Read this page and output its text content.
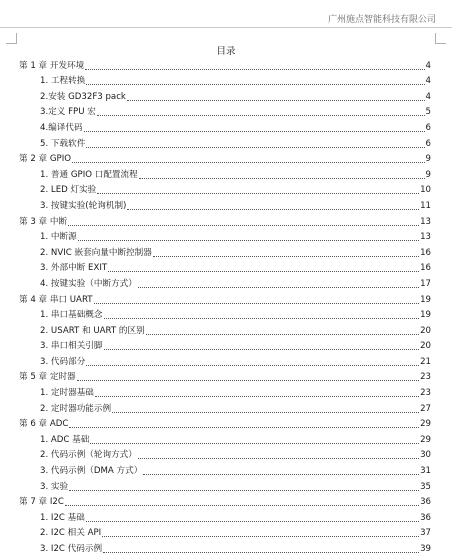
广州施点智能科技有限公司
目录
第 1 章 开发环境	4
1. 工程转换	4
2.安装 GD32F3 pack	4
3.定义 FPU 宏	5
4.编译代码	6
5. 下载软件	6
第 2 章 GPIO	9
1. 普通 GPIO 口配置流程	9
2. LED 灯实验	10
3. 按键实验(轮询机制)	11
第 3 章 中断	13
1. 中断源	13
2. NVIC 嵌套向量中断控制器	16
3. 外部中断 EXIT	16
4. 按键实验（中断方式）	17
第 4 章 串口 UART	19
1. 串口基础概念	19
2. USART 和 UART 的区别	20
3. 串口相关引脚	20
3. 代码部分	21
第 5 章 定时器	23
1. 定时器基础	23
2. 定时器功能示例	27
第 6 章 ADC	29
1. ADC 基础	29
2. 代码示例（轮询方式）	30
3. 代码示例（DMA 方式）	31
3. 实验	35
第 7 章 I2C	36
1. I2C 基础	36
2. I2C 相关 API	37
3. I2C 代码示例	39
